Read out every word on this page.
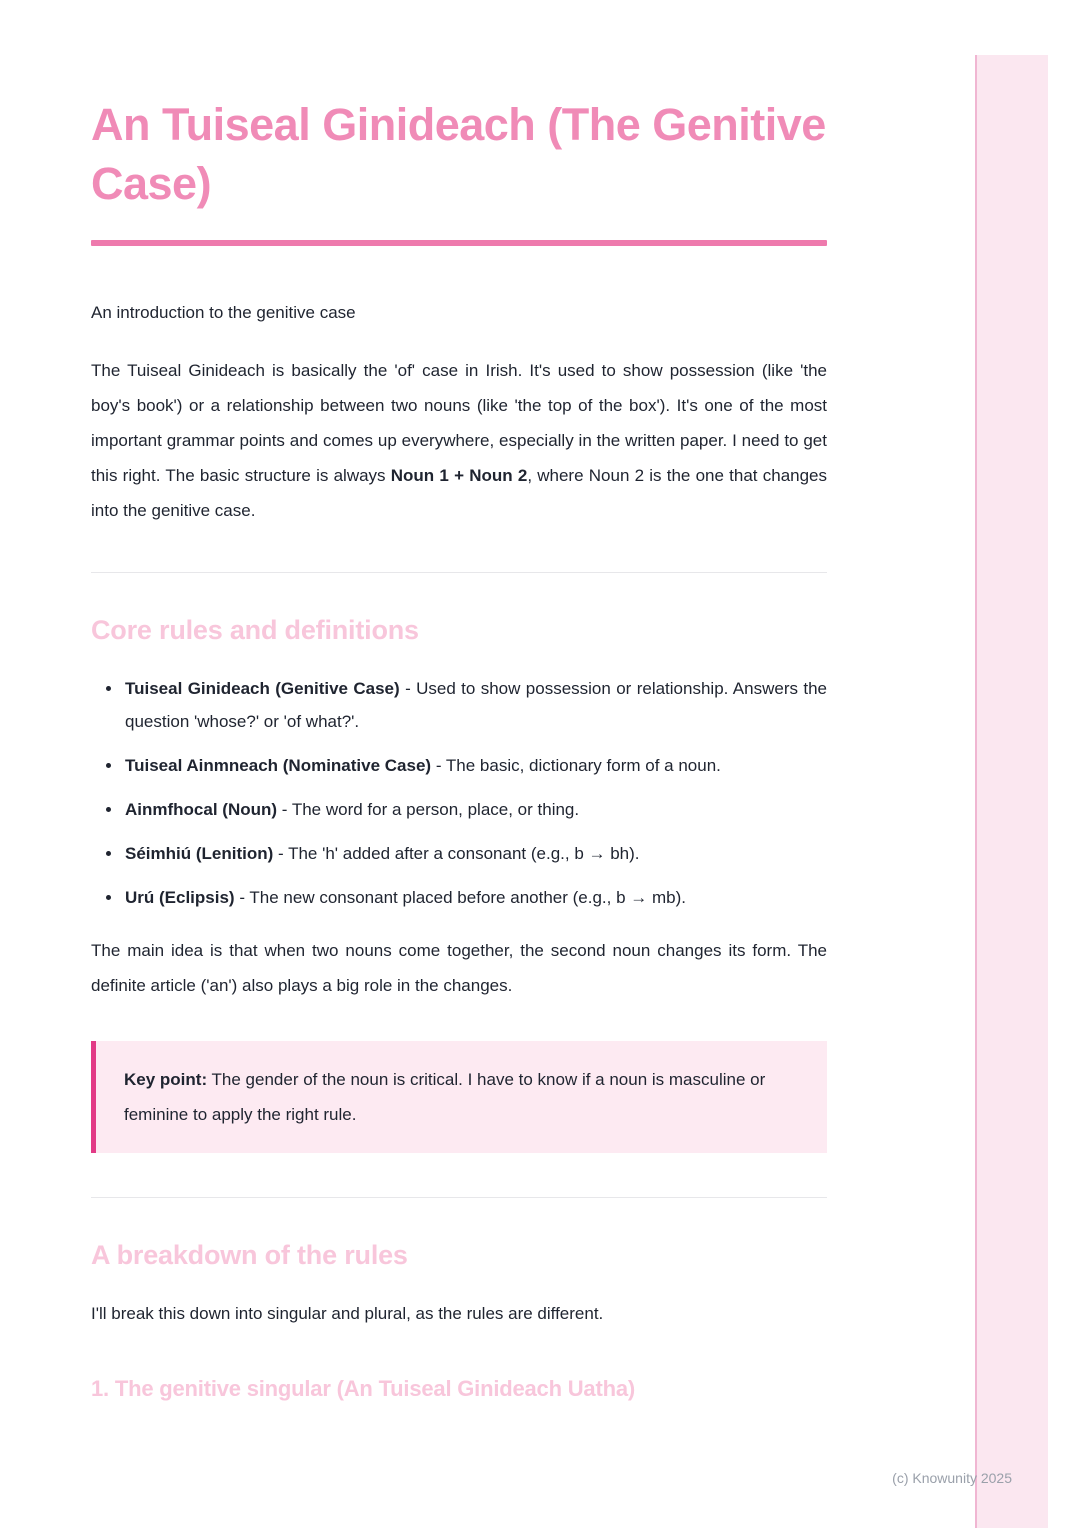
An Tuiseal Ginideach (The Genitive Case)
An introduction to the genitive case

The Tuiseal Ginideach is basically the 'of' case in Irish. It's used to show possession (like 'the boy's book') or a relationship between two nouns (like 'the top of the box'). It's one of the most important grammar points and comes up everywhere, especially in the written paper. I need to get this right. The basic structure is always Noun 1 + Noun 2, where Noun 2 is the one that changes into the genitive case.

Core rules and definitions
• Tuiseal Ginideach (Genitive Case) - Used to show possession or relationship. Answers the question 'whose?' or 'of what?'.
• Tuiseal Ainmneach (Nominative Case) - The basic, dictionary form of a noun.
• Ainmfhocal (Noun) - The word for a person, place, or thing.
• Séimhiú (Lenition) - The 'h' added after a consonant (e.g., b → bh).
• Urú (Eclipsis) - The new consonant placed before another (e.g., b → mb).

The main idea is that when two nouns come together, the second noun changes its form. The definite article ('an') also plays a big role in the changes.

Key point: The gender of the noun is critical. I have to know if a noun is masculine or feminine to apply the right rule.
A breakdown of the rules

I'll break this down into singular and plural, as the rules are different.

1. The genitive singular (An Tuiseal Ginideach Uatha)
(c) Knowunity 2025
